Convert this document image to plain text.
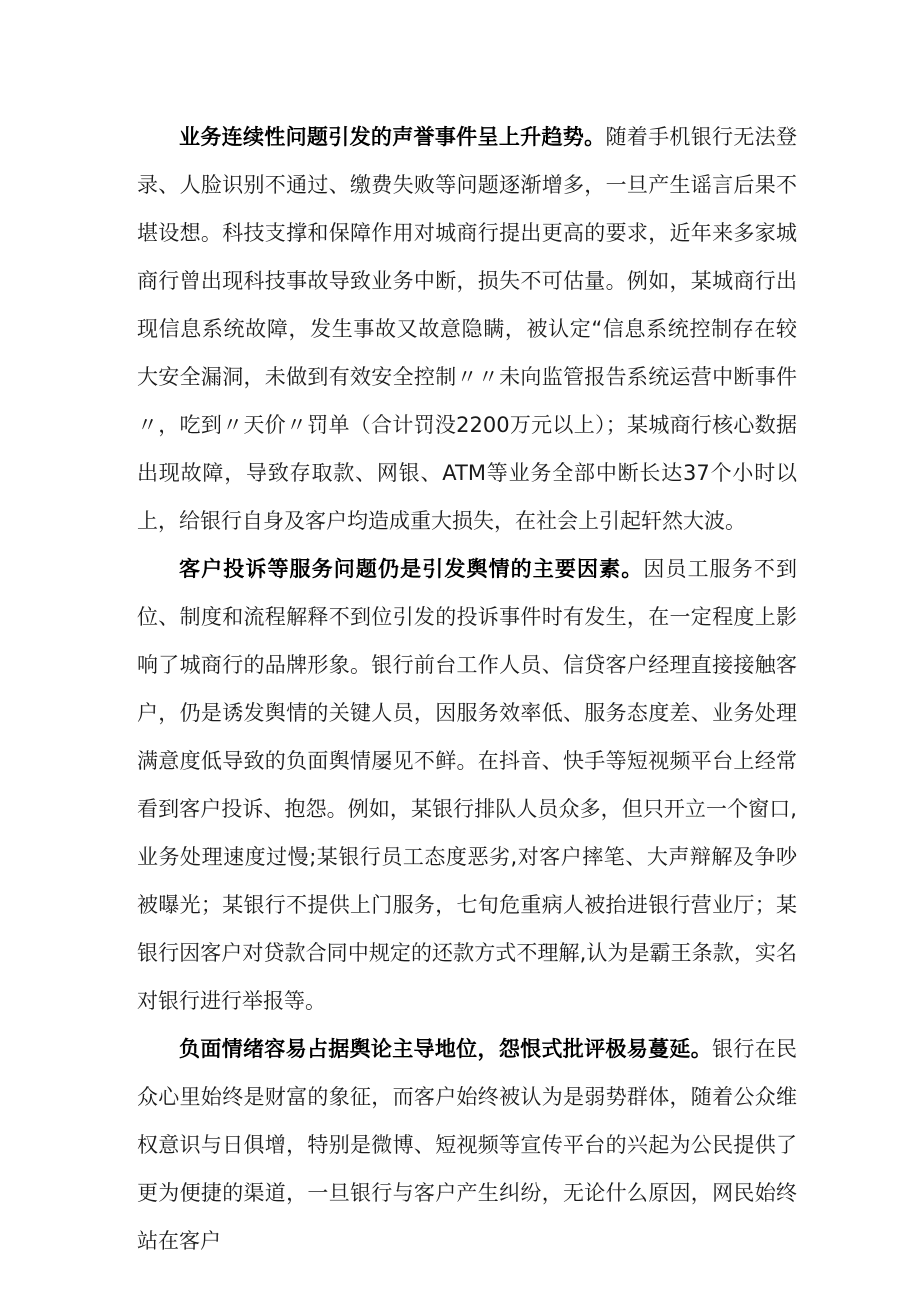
业务连续性问题引发的声誉事件呈上升趋势。随着手机银行无法登录、人脸识别不通过、缴费失败等问题逐渐增多，一旦产生谣言后果不堪设想。科技支撑和保障作用对城商行提出更高的要求，近年来多家城商行曾出现科技事故导致业务中断，损失不可估量。例如，某城商行出现信息系统故障，发生事故又故意隐瞒，被认定“信息系统控制存在较大安全漏洞，未做到有效安全控制〃〃未向监管报告系统运营中断事件〃，吃到〃天价〃罚单（合计罚没2200万元以上）；某城商行核心数据出现故障，导致存取款、网银、ATM等业务全部中断长达37个小时以上，给银行自身及客户均造成重大损失，在社会上引起轩然大波。

客户投诉等服务问题仍是引发舆情的主要因素。因员工服务不到位、制度和流程解释不到位引发的投诉事件时有发生，在一定程度上影响了城商行的品牌形象。银行前台工作人员、信贷客户经理直接接触客户，仍是诱发舆情的关键人员，因服务效率低、服务态度差、业务处理满意度低导致的负面舆情屡见不鲜。在抖音、快手等短视频平台上经常看到客户投诉、抱怨。例如，某银行排队人员众多，但只开立一个窗口,业务处理速度过慢;某银行员工态度恶劣,对客户摔笔、大声辩解及争吵被曝光；某银行不提供上门服务，七旬危重病人被抬进银行营业厅；某银行因客户对贷款合同中规定的还款方式不理解,认为是霸王条款，实名对银行进行举报等。

负面情绪容易占据舆论主导地位，怨恨式批评极易蔓延。银行在民众心里始终是财富的象征，而客户始终被认为是弱势群体，随着公众维权意识与日俱增，特别是微博、短视频等宣传平台的兴起为公民提供了更为便捷的渠道，一旦银行与客户产生纠纷，无论什么原因，网民始终站在客户
